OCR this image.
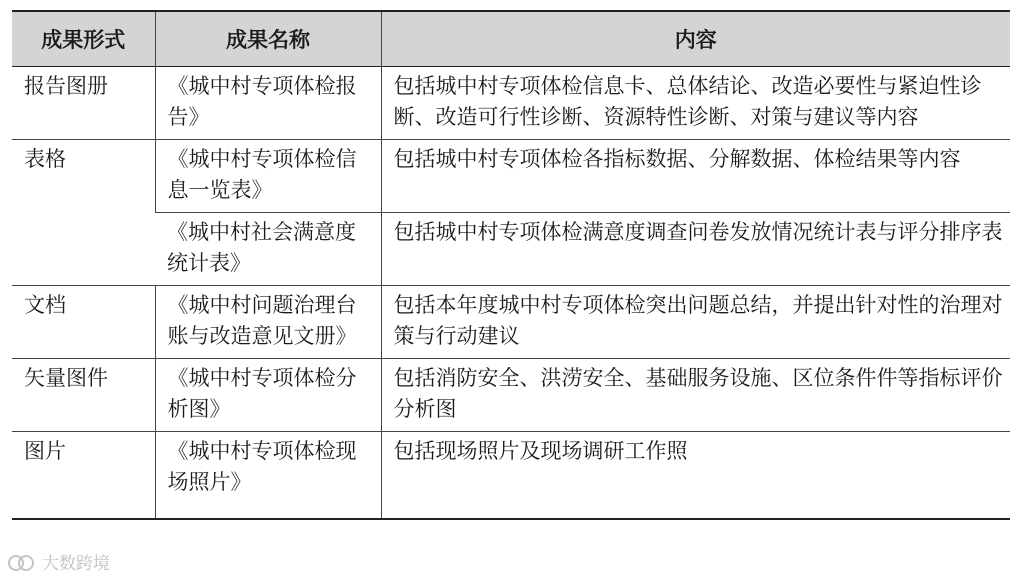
成果形式	成果名称	内容
报告图册	《城中村专项体检报告》	包括城中村专项体检信息卡、总体结论、改造必要性与紧迫性诊断、改造可行性诊断、资源特性诊断、对策与建议等内容
表格	《城中村专项体检信息一览表》	包括城中村专项体检各指标数据、分解数据、体检结果等内容
	《城中村社会满意度统计表》	包括城中村专项体检满意度调查问卷发放情况统计表与评分排序表
文档	《城中村问题治理台账与改造意见文册》	包括本年度城中村专项体检突出问题总结，并提出针对性的治理对策与行动建议
矢量图件	《城中村专项体检分析图》	包括消防安全、洪涝安全、基础服务设施、区位条件件等指标评价分析图
图片	《城中村专项体检现场照片》	包括现场照片及现场调研工作照
大数跨境
